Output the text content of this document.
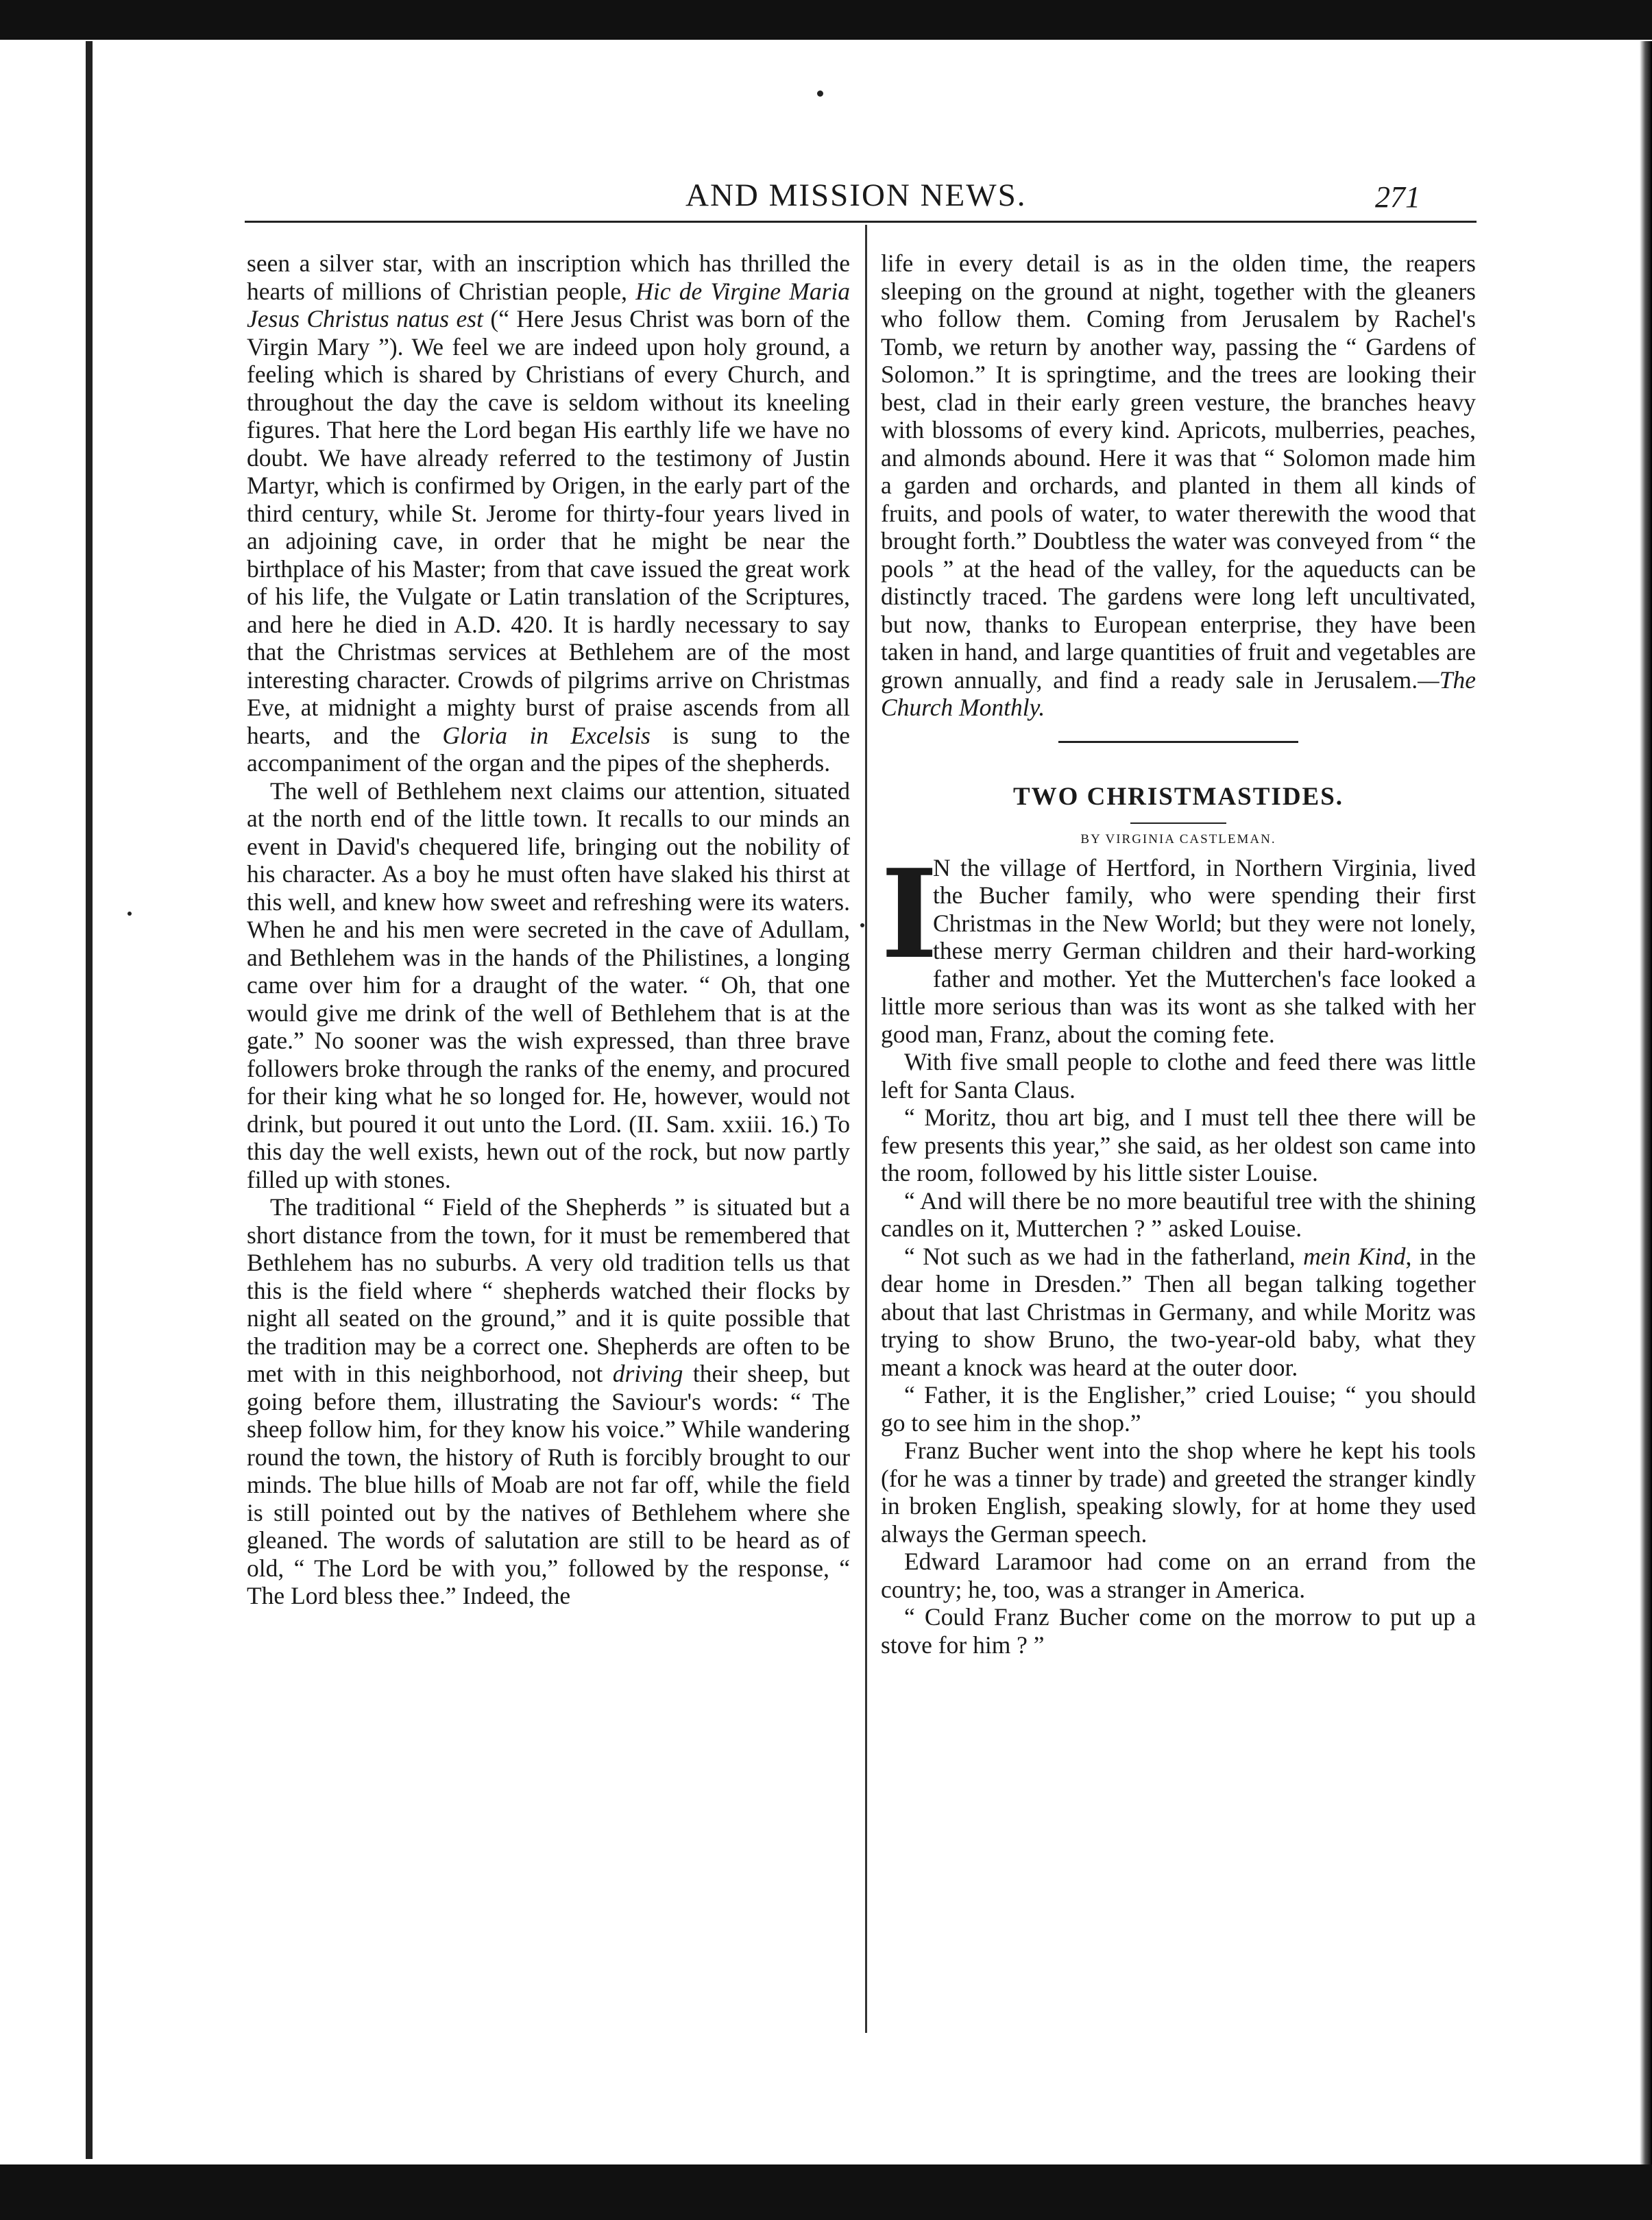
AND MISSION NEWS.	271

seen a silver star, with an inscription which has thrilled the hearts of millions of Christian people, Hic de Virgine Maria Jesus Christus natus est (“ Here Jesus Christ was born of the Virgin Mary ”). We feel we are indeed upon holy ground, a feeling which is shared by Christians of every Church, and throughout the day the cave is seldom without its kneeling figures. That here the Lord began His earthly life we have no doubt. We have already referred to the testimony of Justin Martyr, which is confirmed by Origen, in the early part of the third century, while St. Jerome for thirty-four years lived in an adjoining cave, in order that he might be near the birthplace of his Master; from that cave issued the great work of his life, the Vulgate or Latin translation of the Scriptures, and here he died in A.D. 420. It is hardly necessary to say that the Christmas services at Bethlehem are of the most interesting character. Crowds of pilgrims arrive on Christmas Eve, at midnight a mighty burst of praise ascends from all hearts, and the Gloria in Excelsis is sung to the accompaniment of the organ and the pipes of the shepherds.

The well of Bethlehem next claims our attention, situated at the north end of the little town. It recalls to our minds an event in David's chequered life, bringing out the nobility of his character. As a boy he must often have slaked his thirst at this well, and knew how sweet and refreshing were its waters. When he and his men were secreted in the cave of Adullam, and Bethlehem was in the hands of the Philistines, a longing came over him for a draught of the water. “ Oh, that one would give me drink of the well of Bethlehem that is at the gate.” No sooner was the wish expressed, than three brave followers broke through the ranks of the enemy, and procured for their king what he so longed for. He, however, would not drink, but poured it out unto the Lord. (II. Sam. xxiii. 16.) To this day the well exists, hewn out of the rock, but now partly filled up with stones.

The traditional “ Field of the Shepherds ” is situated but a short distance from the town, for it must be remembered that Bethlehem has no suburbs. A very old tradition tells us that this is the field where “ shepherds watched their flocks by night all seated on the ground,” and it is quite possible that the tradition may be a correct one. Shepherds are often to be met with in this neighborhood, not driving their sheep, but going before them, illustrating the Saviour's words: “ The sheep follow him, for they know his voice.” While wandering round the town, the history of Ruth is forcibly brought to our minds. The blue hills of Moab are not far off, while the field is still pointed out by the natives of Bethlehem where she gleaned. The words of salutation are still to be heard as of old, “ The Lord be with you,” followed by the response, “ The Lord bless thee.” Indeed, the

life in every detail is as in the olden time, the reapers sleeping on the ground at night, together with the gleaners who follow them. Coming from Jerusalem by Rachel's Tomb, we return by another way, passing the “ Gardens of Solomon.” It is springtime, and the trees are looking their best, clad in their early green vesture, the branches heavy with blossoms of every kind. Apricots, mulberries, peaches, and almonds abound. Here it was that “ Solomon made him a garden and orchards, and planted in them all kinds of fruits, and pools of water, to water therewith the wood that brought forth.” Doubtless the water was conveyed from “ the pools ” at the head of the valley, for the aqueducts can be distinctly traced. The gardens were long left uncultivated, but now, thanks to European enterprise, they have been taken in hand, and large quantities of fruit and vegetables are grown annually, and find a ready sale in Jerusalem.—The Church Monthly.

TWO CHRISTMASTIDES.

BY VIRGINIA CASTLEMAN.

I

N the village of Hertford, in Northern Virginia, lived the Bucher family, who were spending their first Christmas in the New World; but they were not lonely, these merry German children and their hard-working father and mother. Yet the Mutterchen's face looked a little more serious than was its wont as she talked with her good man, Franz, about the coming fete.

With five small people to clothe and feed there was little left for Santa Claus.

“ Moritz, thou art big, and I must tell thee there will be few presents this year,” she said, as her oldest son came into the room, followed by his little sister Louise.

“ And will there be no more beautiful tree with the shining candles on it, Mutterchen ? ” asked Louise.

“ Not such as we had in the fatherland, mein Kind, in the dear home in Dresden.” Then all began talking together about that last Christmas in Germany, and while Moritz was trying to show Bruno, the two-year-old baby, what they meant a knock was heard at the outer door.

“ Father, it is the Englisher,” cried Louise; “ you should go to see him in the shop.”

Franz Bucher went into the shop where he kept his tools (for he was a tinner by trade) and greeted the stranger kindly in broken English, speaking slowly, for at home they used always the German speech.

Edward Laramoor had come on an errand from the country; he, too, was a stranger in America.

“ Could Franz Bucher come on the morrow to put up a stove for him ? ”
